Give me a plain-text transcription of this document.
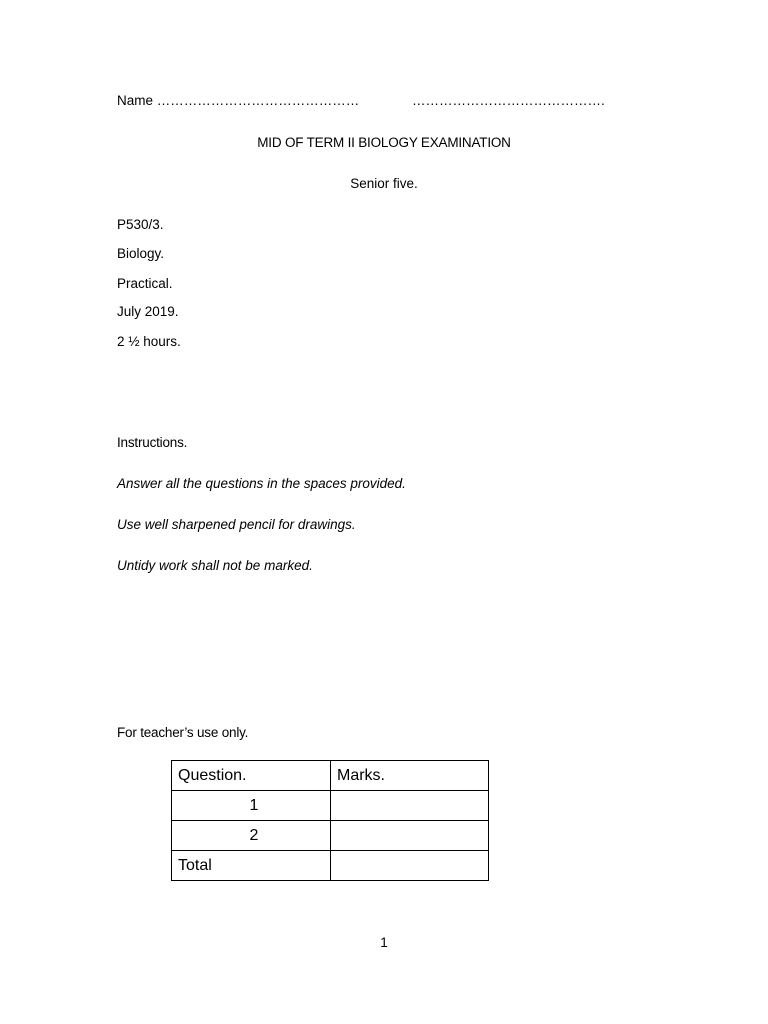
Name ………………………………………	…………………………………….
MID OF TERM II BIOLOGY EXAMINATION
Senior five.
P530/3.
Biology.
Practical.
July 2019.
2 ½ hours.
Instructions.
Answer all the questions in the spaces provided.
Use well sharpened pencil for drawings.
Untidy work shall not be marked.
For teacher’s use only.
Question.	Marks.
1	
2	
Total	
1
